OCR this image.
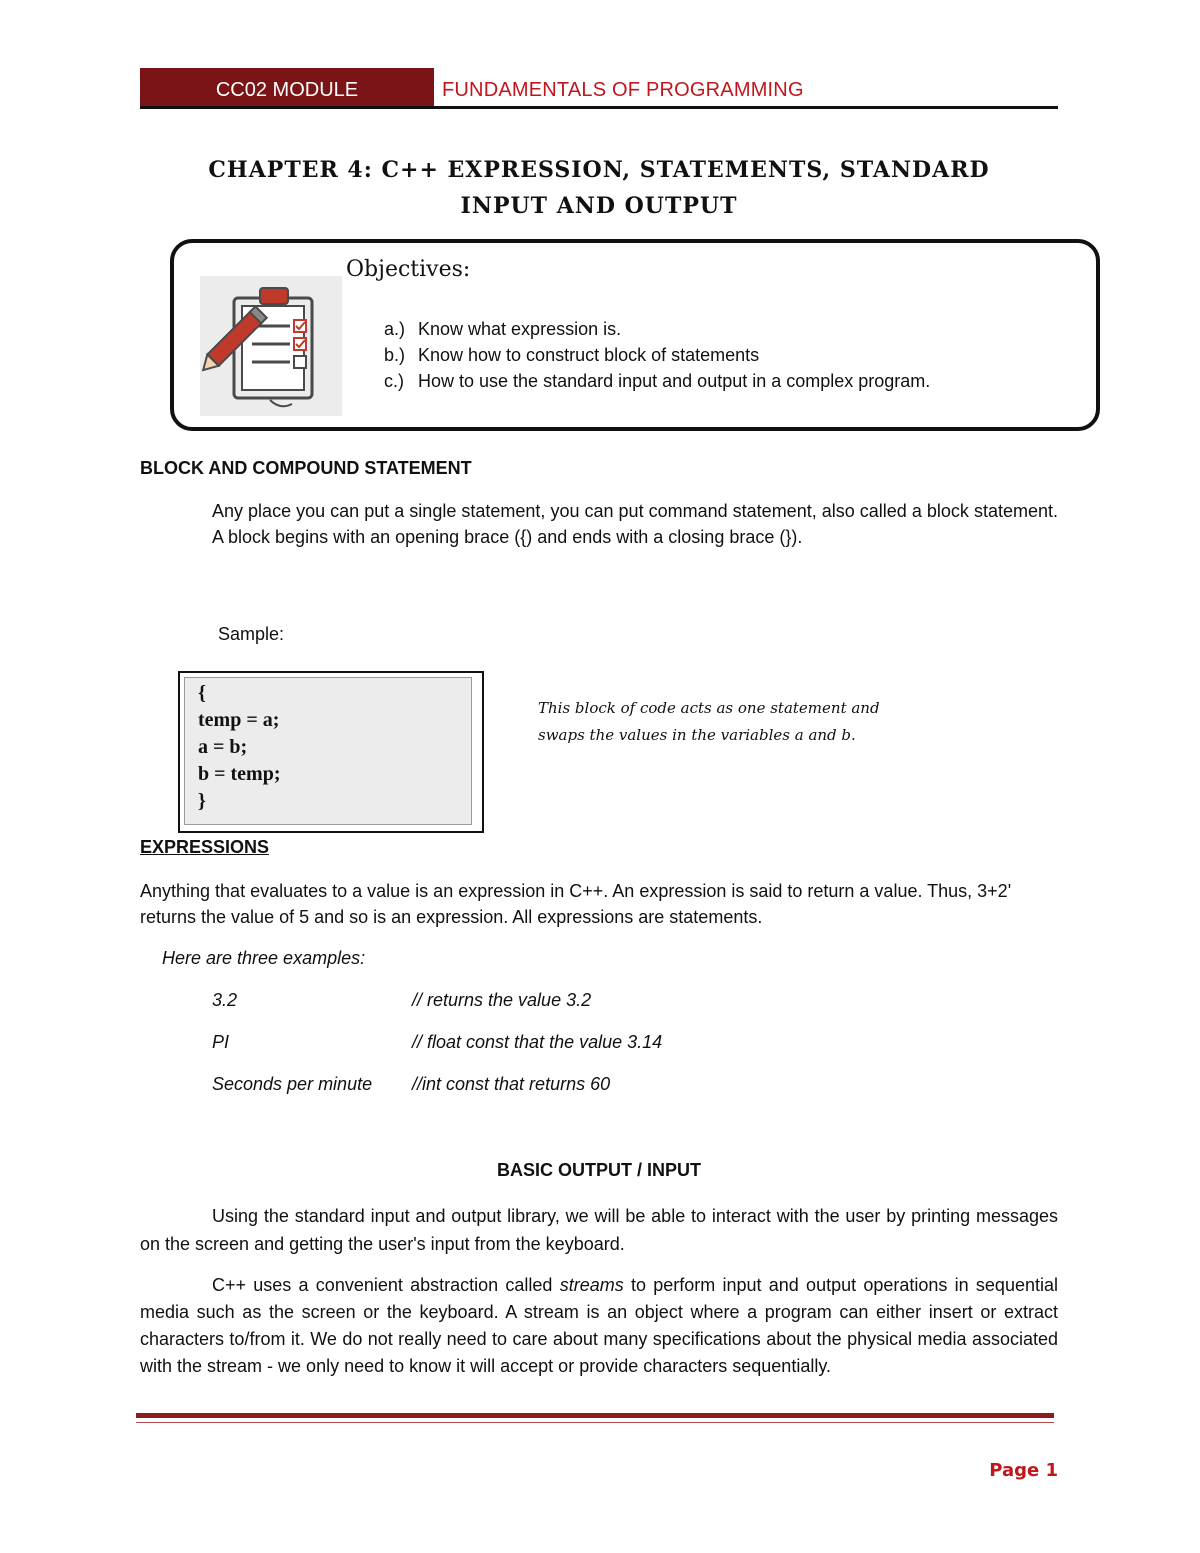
CC02 MODULE	FUNDAMENTALS OF PROGRAMMING
CHAPTER 4: C++ EXPRESSION, STATEMENTS, STANDARD
INPUT AND OUTPUT
Objectives:
a.) Know what expression is.
b.) Know how to construct block of statements
c.) How to use the standard input and output in a complex program.
BLOCK AND COMPOUND STATEMENT
Any place you can put a single statement, you can put command statement, also called a block statement. A block begins with an opening brace ({) and ends with a closing brace (}).
Sample:
{
temp = a;
a = b;
b = temp;
}
This block of code acts as one statement and swaps the values in the variables a and b.
EXPRESSIONS
Anything that evaluates to a value is an expression in C++. An expression is said to return a value. Thus, 3+2' returns the value of 5 and so is an expression. All expressions are statements.
Here are three examples:
3.2	// returns the value 3.2
PI	// float const that the value 3.14
Seconds per minute //int const that returns 60
BASIC OUTPUT / INPUT
Using the standard input and output library, we will be able to interact with the user by printing messages on the screen and getting the user's input from the keyboard.
C++ uses a convenient abstraction called streams to perform input and output operations in sequential media such as the screen or the keyboard. A stream is an object where a program can either insert or extract characters to/from it. We do not really need to care about many specifications about the physical media associated with the stream - we only need to know it will accept or provide characters sequentially.
Page 1
